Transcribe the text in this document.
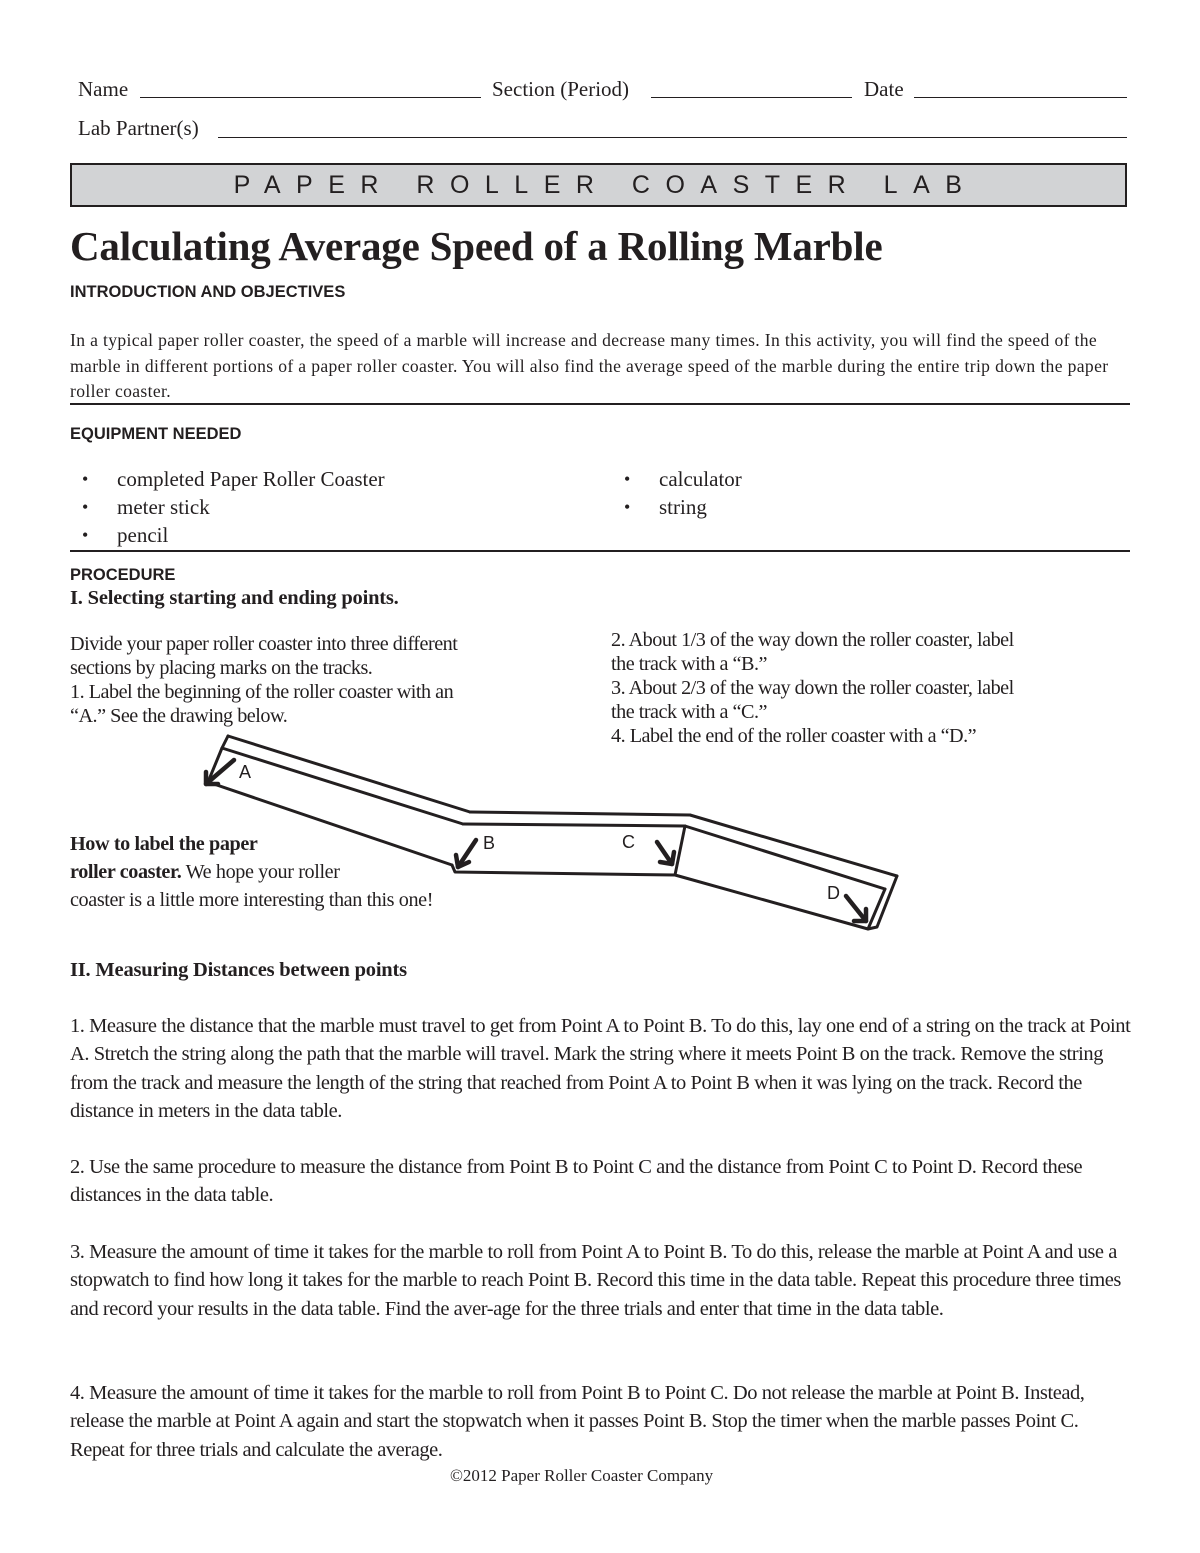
Name	Section (Period)	Date
Lab Partner(s)
PAPER ROLLER COASTER LAB
Calculating Average Speed of a Rolling Marble
INTRODUCTION AND OBJECTIVES
In a typical paper roller coaster, the speed of a marble will increase and decrease many times. In this activity, you will find the speed of the marble in different portions of a paper roller coaster. You will also find the average speed of the marble during the entire trip down the paper roller coaster.
EQUIPMENT NEEDED
• completed Paper Roller Coaster
• meter stick
• pencil
• calculator
• string
PROCEDURE
I. Selecting starting and ending points.
Divide your paper roller coaster into three different
sections by placing marks on the tracks.
1. Label the beginning of the roller coaster with an
“A.” See the drawing below.
2. About 1/3 of the way down the roller coaster, label
the track with a “B.”
3. About 2/3 of the way down the roller coaster, label
the track with a “C.”
4. Label the end of the roller coaster with a “D.”
A
B	C
D
How to label the paper
roller coaster. We hope your roller
coaster is a little more interesting than this one!
II. Measuring Distances between points
1. Measure the distance that the marble must travel to get from Point A to Point B. To do this, lay one end of a string on the track at Point A. Stretch the string along the path that the marble will travel. Mark the string where it meets Point B on the track. Remove the string from the track and measure the length of the string that reached from Point A to Point B when it was lying on the track. Record the distance in meters in the data table.
2. Use the same procedure to measure the distance from Point B to Point C and the distance from Point C to Point D. Record these distances in the data table.
3. Measure the amount of time it takes for the marble to roll from Point A to Point B. To do this, release the marble at Point A and use a stopwatch to find how long it takes for the marble to reach Point B. Record this time in the data table. Repeat this procedure three times and record your results in the data table. Find the aver-age for the three trials and enter that time in the data table.
4. Measure the amount of time it takes for the marble to roll from Point B to Point C. Do not release the marble at Point B. Instead, release the marble at Point A again and start the stopwatch when it passes Point B. Stop the timer when the marble passes Point C. Repeat for three trials and calculate the average.
©2012 Paper Roller Coaster Company
